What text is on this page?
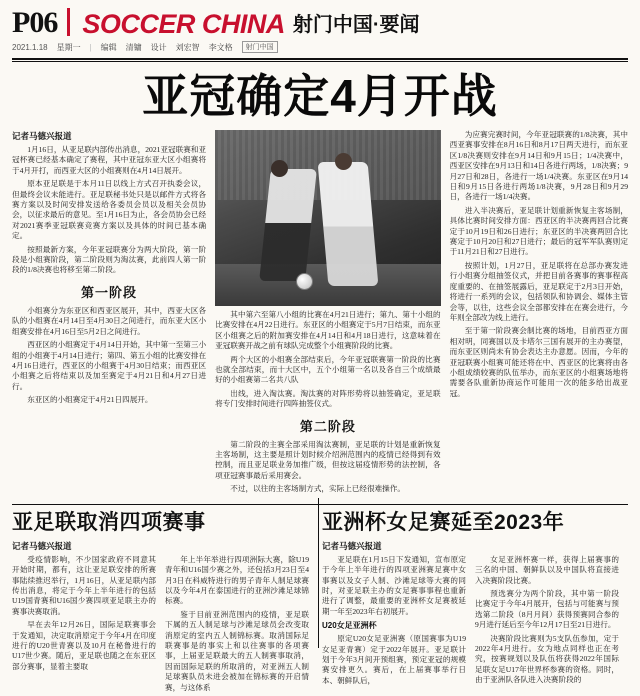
P06 SOCCER CHINA 射门中国·要闻
2021.1.18 星期一 | 编辑 清镛 设计 刘宏智 李文格	射门中国
亚冠确定4月开战
记者马德兴报道

1月16日，从亚足联内部传出消息，2021亚冠联赛和亚冠杯赛已经基本确定了赛程，其中亚冠东亚大区小组赛将于4月开打，而西亚大区的小组赛则在4月14日展开。

原本亚足联是于本月11日以线上方式召开执委会议，但最终会议未能进行。亚足联秘书处只是以邮件方式将各赛方案以及时间安排发送给各委员会员以及相关会员协会，以征求最后的意见。至1月16日为止，各会员协会已经对2021赛季亚冠联赛竞赛方案以及具体的时间已基本确定。

按照最新方案，今年亚冠联赛分为两大阶段，第一阶段是小组赛阶段，第二阶段则为淘汰赛，此前四人第一阶段的1/8决赛也将移至第二阶段。

第一阶段

小组赛分为东亚区和西亚区展开，其中，西亚大区各队的小组赛在4月14日至4月30日之间进行，而东亚大区小组赛安排在4月16日至5月2日之间进行。

西亚区的小组赛定于4月14日开始，其中第一至第三小组的小组赛于4月14日进行；第四、第五小组的比赛安排在4月16日进行，西亚区的小组赛于4月30日结束；而西亚区小组赛之后将结束以及加至赛定于4月21日和4月27日进行。

东亚区的小组赛定于4月21日四展开。

其中第六至第八小组的比赛在4月21日进行；第九、第十小组的比赛安排在4月22日进行。东亚区的小组赛定于5月7日结束，而东亚区小组赛之后的附加赛安排在4月14日和4月18日进行，这意味着在亚冠联赛开战之前有球队完成整个小组赛阶段的比赛。

两个大区的小组赛全部结束后，今年亚冠联赛第一阶段的比赛也就全部结束，而十大区中，五个小组第一名以及各自三个成绩最好的小组赛第二名共八队

出线，进入淘汰赛。淘汰赛的对阵形势将以抽签确定，亚足联将专门安排时间进行四阵抽签仪式。

第二阶段

第二阶段的主赛全部采用淘汰赛制，亚足联的计划是重新恢复主客场制，这主要是照计划时候介绍洲范围内的疫情已经得到有效控制，而且亚足联业务加推广级，但按这届疫情形势的法控制，各项亚冠赛事最后采用赛会。

不过，以往的主客场制方式，实际上已经很难操作。

为应赛完赛时间，今年亚冠联赛的1/8决赛，其中西亚赛事安排在8月16日和8月17日两天进行，而东亚区1/8决赛则安排在9月14日和9月15日；1/4决赛中，西亚区安排在9月13日和14日各进行两场，1/8决赛；9月27日和28日，各进行一场1/4决赛。东亚区在9月14日和9月15日各进行两场1/8决赛，9月28日和9月29日，各进行一场1/4决赛。

进入半决赛后，亚足联计划重新恢复主客场制，具体比赛时间安排方面：西亚区的半决赛两回合比赛定于10月19日和26日进行；东亚区的半决赛两回合比赛定于10月20日和27日进行；最后的冠军军队赛则定于11月21日和27日进行。

按照计划，1月27日，亚足联将在总部办赛发进行小组赛分组抽签仪式，并把目前各赛事的赛事程高度重要的、在抽签展露后，亚足联定于2月3日开始，将进行一系列的会议，包括领队和协调会、媒体主管会等，以往，这些会议全部都安排在在赛会进行，今年则全部改为线上进行。

至于第一阶段赛会制比赛的场地，目前西亚方面相对明，同赛国以及卡塔尔三国有展开的主办赛望，而东亚区则尚未有协会表达主办意愿。因而，今年的亚冠联赛小组赛可能还将在中、西亚区的比赛将由各小组成绩较赛的队伍举办，而东亚区的小组赛场地将需要各队重新协商运作可能用一次的能多给出战亚冠。

亚足联取消四项赛事
记者马德兴报道

受疫情影响，不少国家政府不同意其开始时期，都有，这让亚足联安排的所赛事陆续推迟举行，1月16日，从亚足联内部传出消息，将定于今年上半年进行的包括U19国青赛和U16国少赛四项亚足联主办的赛事决赛取消。

早在去年12月26日，国际足联赛事会于发通知，决定取消原定于今年4月在印度进行的U20世青赛以及10月在秘鲁进行的U17世少赛。随后，亚足联也随之在东亚区部分赛事，显着主要取

年上半年举进行四项洲际大赛，除U19青年和U16国少赛之外，还包括3月23日至4月3日在科威特进行的男子青年人制足球赛以及今年4月在泰国进行的亚洲沙滩足球锦标赛。

鉴于目前亚洲范围内的疫情，亚足联下属的五人制足球与沙滩足球员会改变取消原定的室内五人制锦标赛。取消国际足联赛事是的事实上和以往赛事的各项赛事，上届亚足联最大的五人制赛事取消，因而国际足联的所取消的，对亚洲五人制足球赛队员未进会被加在锦标赛的开启情赛，与这体系

亚洲杯女足赛延至2023年
记者马德兴报道

亚足联在1月15日下发通知，宣布原定于今年上半年进行的四项亚洲赛足赛中女事赛以及女子人制、沙滩足球等大赛的同时，对亚足联主办的女足赛事事程也重新进行了调整，最重要的亚洲杯女足赛被延期一年至2023年右初展开。

U20女足亚洲杯

原定U20女足亚洲赛（原国赛事为U19女足亚青赛）定于2022年展开。亚足联计划于今年3月间开预组赛，预定亚冠的规模赛安排更久。赛后，在上届赛事举行日本、朝鲜队后，

女足亚洲杯赛一样，获得上届赛事的三名的中国、朝鲜队以及中国队将直接进入决赛阶段比赛。

预选赛分为两个阶段，其中第一阶段比赛定于今年4月展开，包括与可能赛与预选第二阶段（8月月间）获得预赛同合参的9月进行延后至今年12月17日至21日进行。

决赛阶段比赛则为5支队伍参加，定于2022年4月进行。女为地点同样也正在考究，按赛规划以及队伍将获得2022年国际足联女足U17年世界杯参赛的资格。同时，由于亚洲队各队进入决赛阶段的
